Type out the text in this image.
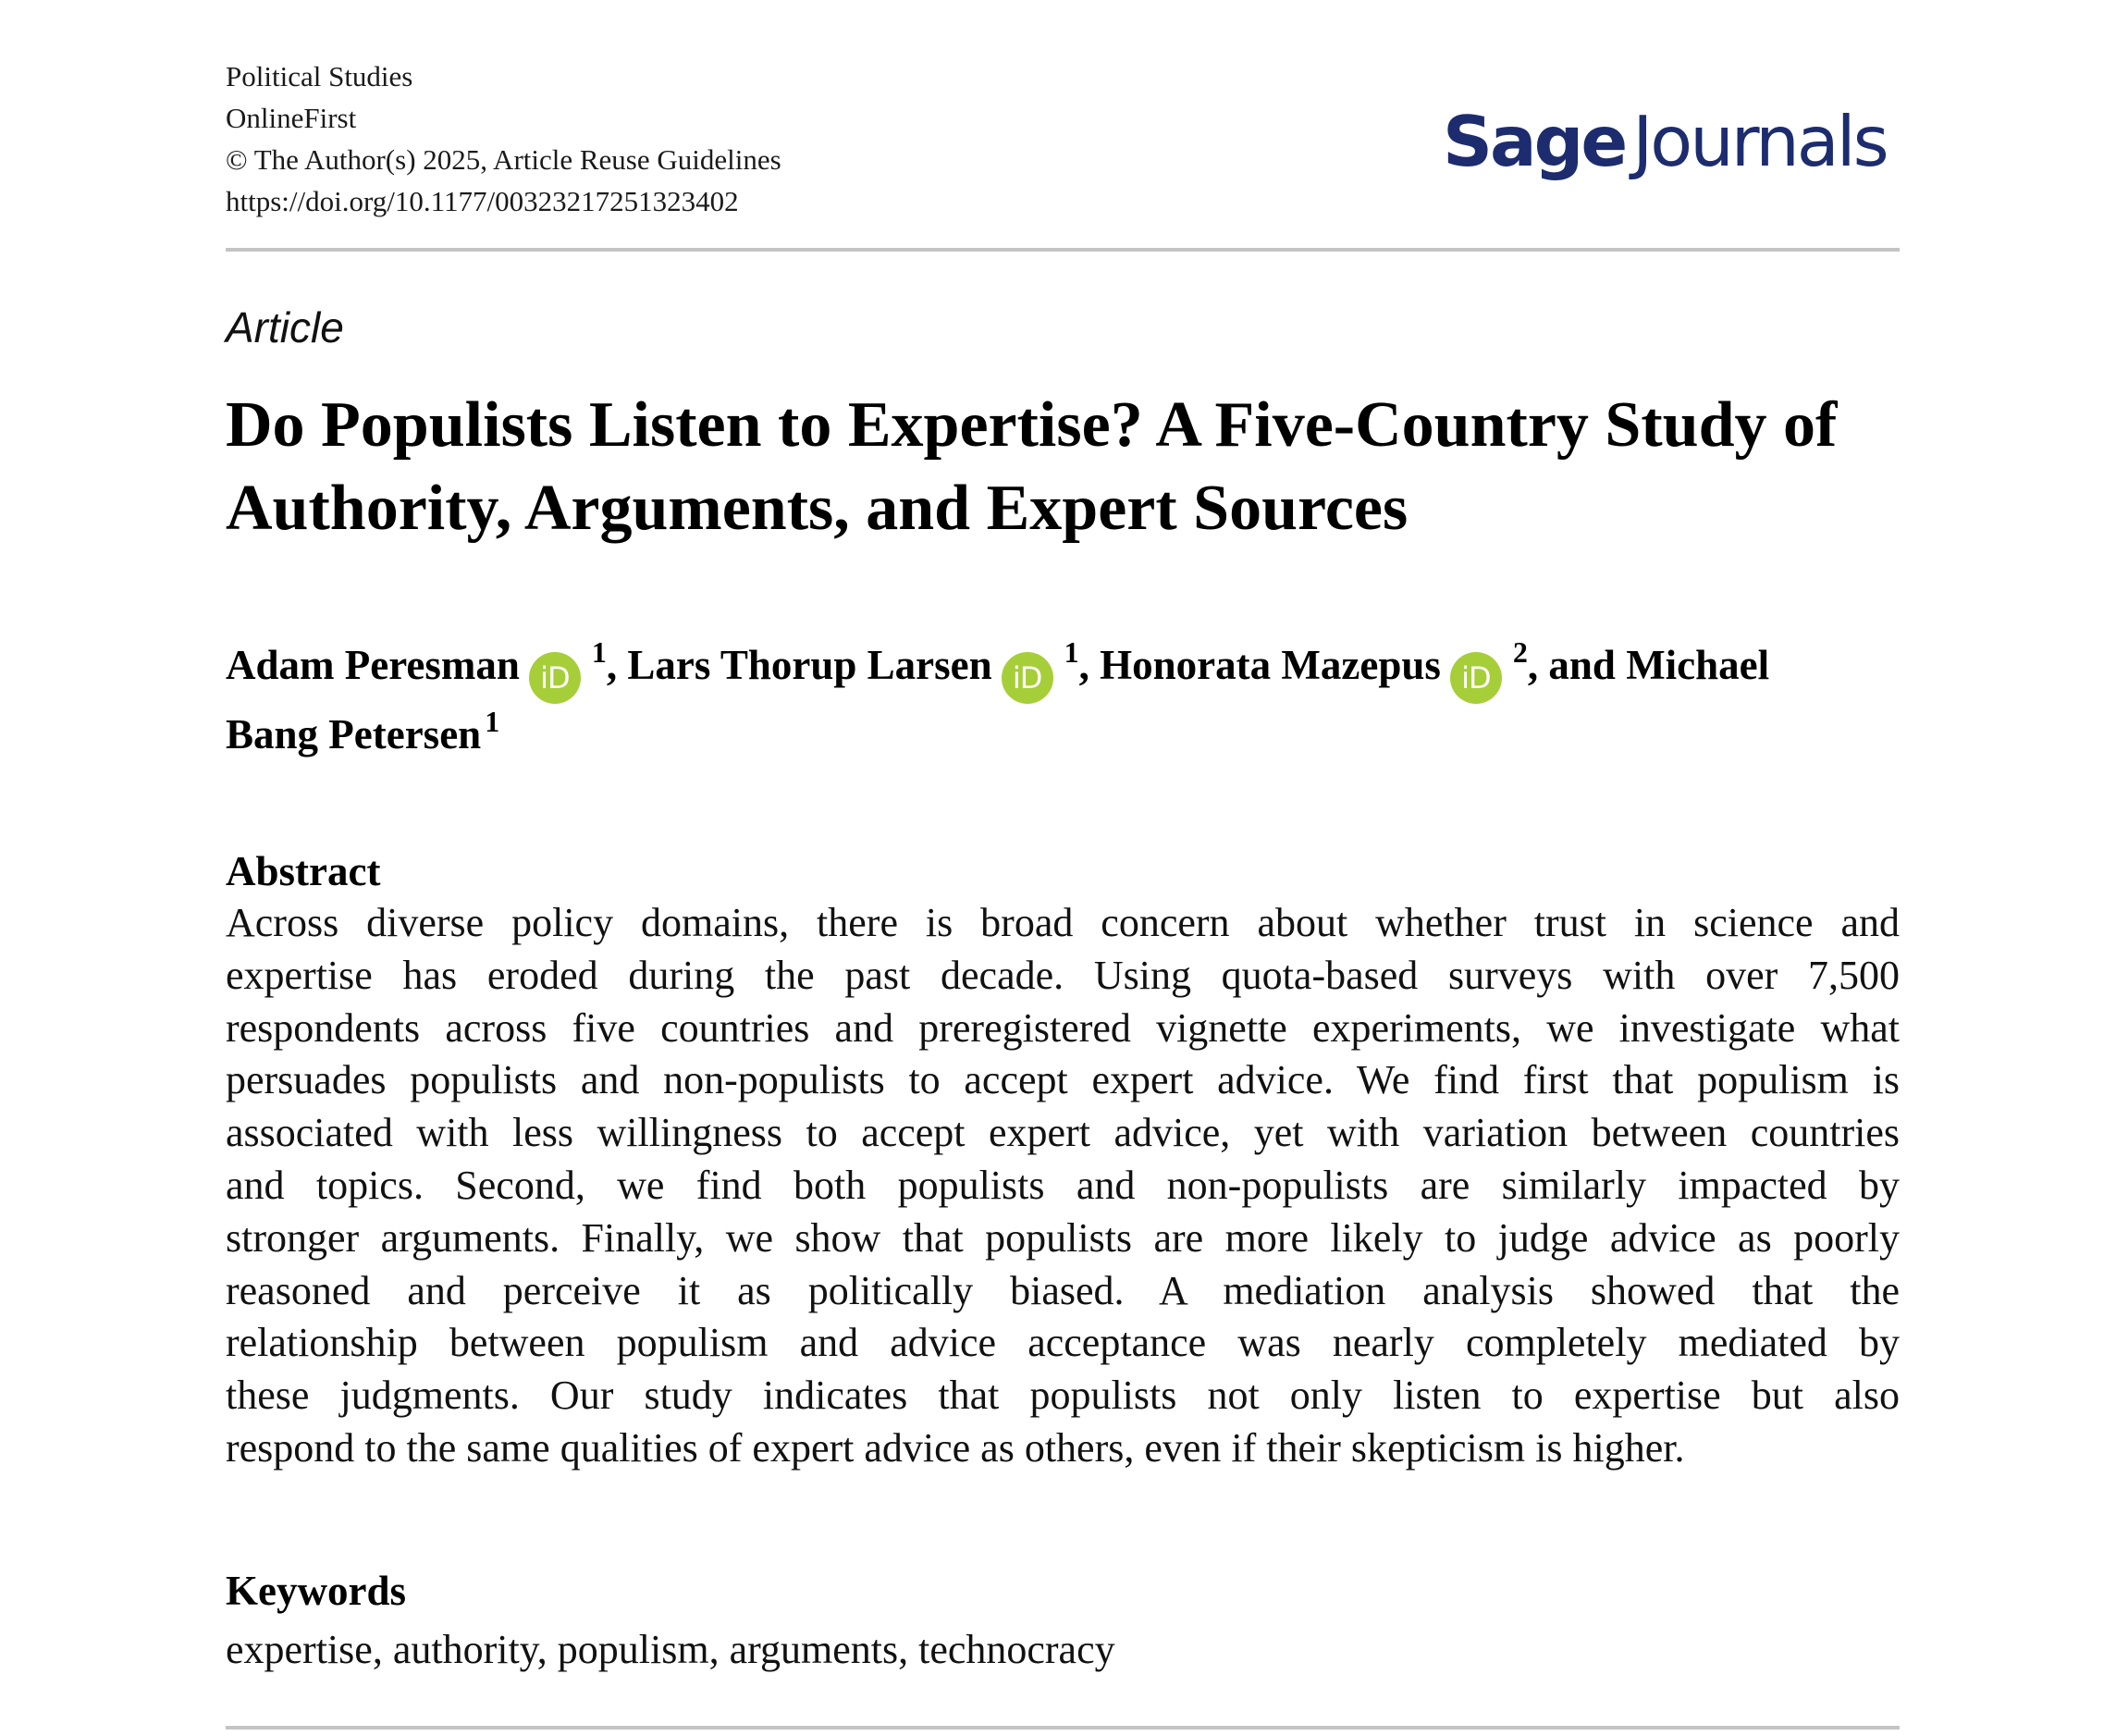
Political Studies
OnlineFirst
© The Author(s) 2025, Article Reuse Guidelines
https://doi.org/10.1177/00323217251323402
Sage Journals
Article
Do Populists Listen to Expertise? A Five-Country Study of
Authority, Arguments, and Expert Sources
Adam Peresman $iD^1$, Lars Thorup Larsen $iD^1$, Honorata Mazepus $iD^2$, and Michael
Bang Petersen $^1$
Abstract
Across diverse policy domains, there is broad concern about whether trust in science and
expertise has eroded during the past decade. Using quota-based surveys with over 7,500
respondents across five countries and preregistered vignette experiments, we investigate what
persuades populists and non-populists to accept expert advice. We find first that populism is
associated with less willingness to accept expert advice, yet with variation between countries
and topics. Second, we find both populists and non-populists are similarly impacted by
stronger arguments. Finally, we show that populists are more likely to judge advice as poorly
reasoned and perceive it as politically biased. A mediation analysis showed that the
relationship between populism and advice acceptance was nearly completely mediated by
these judgments. Our study indicates that populists not only listen to expertise but also
respond to the same qualities of expert advice as others, even if their skepticism is higher.
Keywords
expertise, authority, populism, arguments, technocracy
